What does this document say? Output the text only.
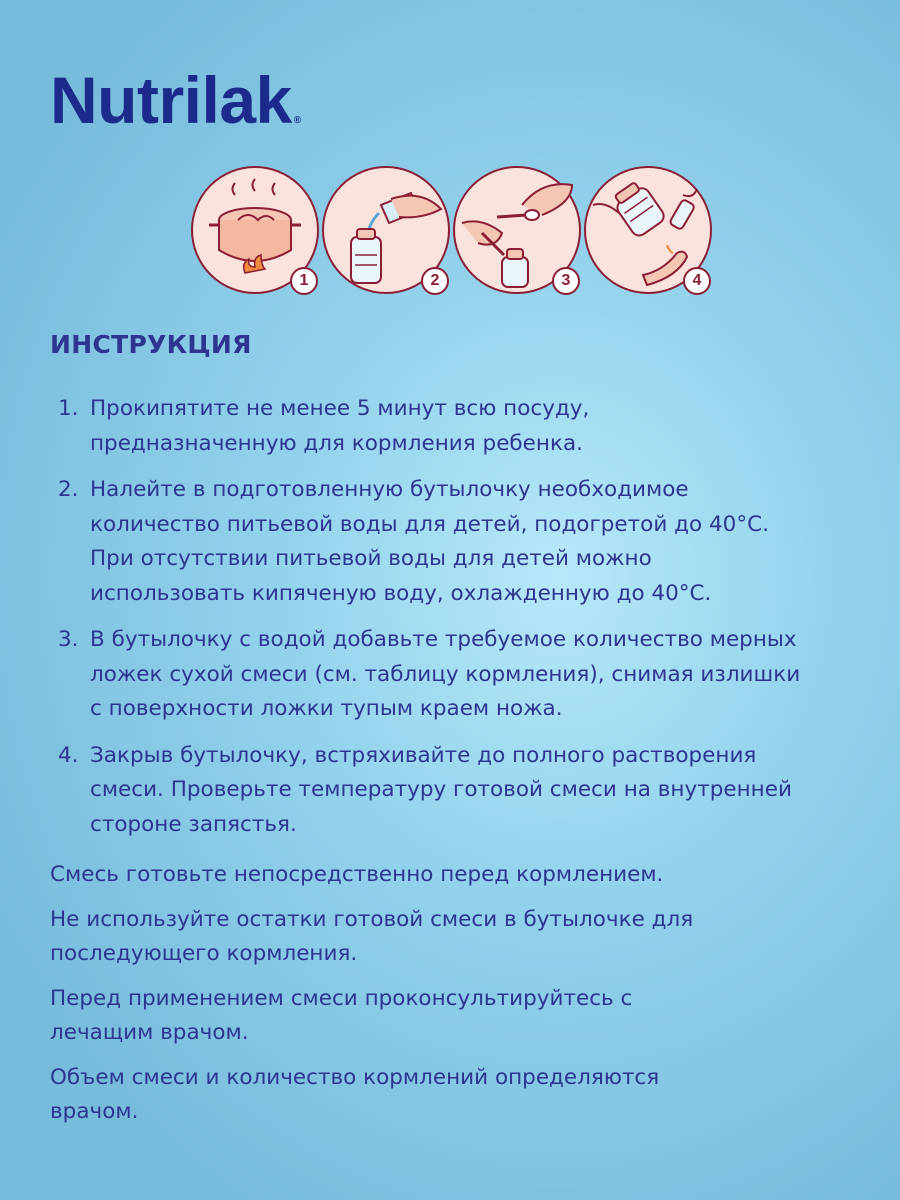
Nutrilak ®
1	2	3	4
ИНСТРУКЦИЯ
1. Прокипятите не менее 5 минут всю посуду,
предназначенную для кормления ребенка.
2. Налейте в подготовленную бутылочку необходимое
количество питьевой воды для детей, подогретой до 40°C.
При отсутствии питьевой воды для детей можно
использовать кипяченую воду, охлажденную до 40°C.
3. В бутылочку с водой добавьте требуемое количество мерных
ложек сухой смеси (см. таблицу кормления), снимая излишки
с поверхности ложки тупым краем ножа.
4. Закрыв бутылочку, встряхивайте до полного растворения
смеси. Проверьте температуру готовой смеси на внутренней
стороне запястья.

Смесь готовьте непосредственно перед кормлением.

Не используйте остатки готовой смеси в бутылочке для
последующего кормления.

Перед применением смеси проконсультируйтесь с
лечащим врачом.

Объем смеси и количество кормлений определяются
врачом.
